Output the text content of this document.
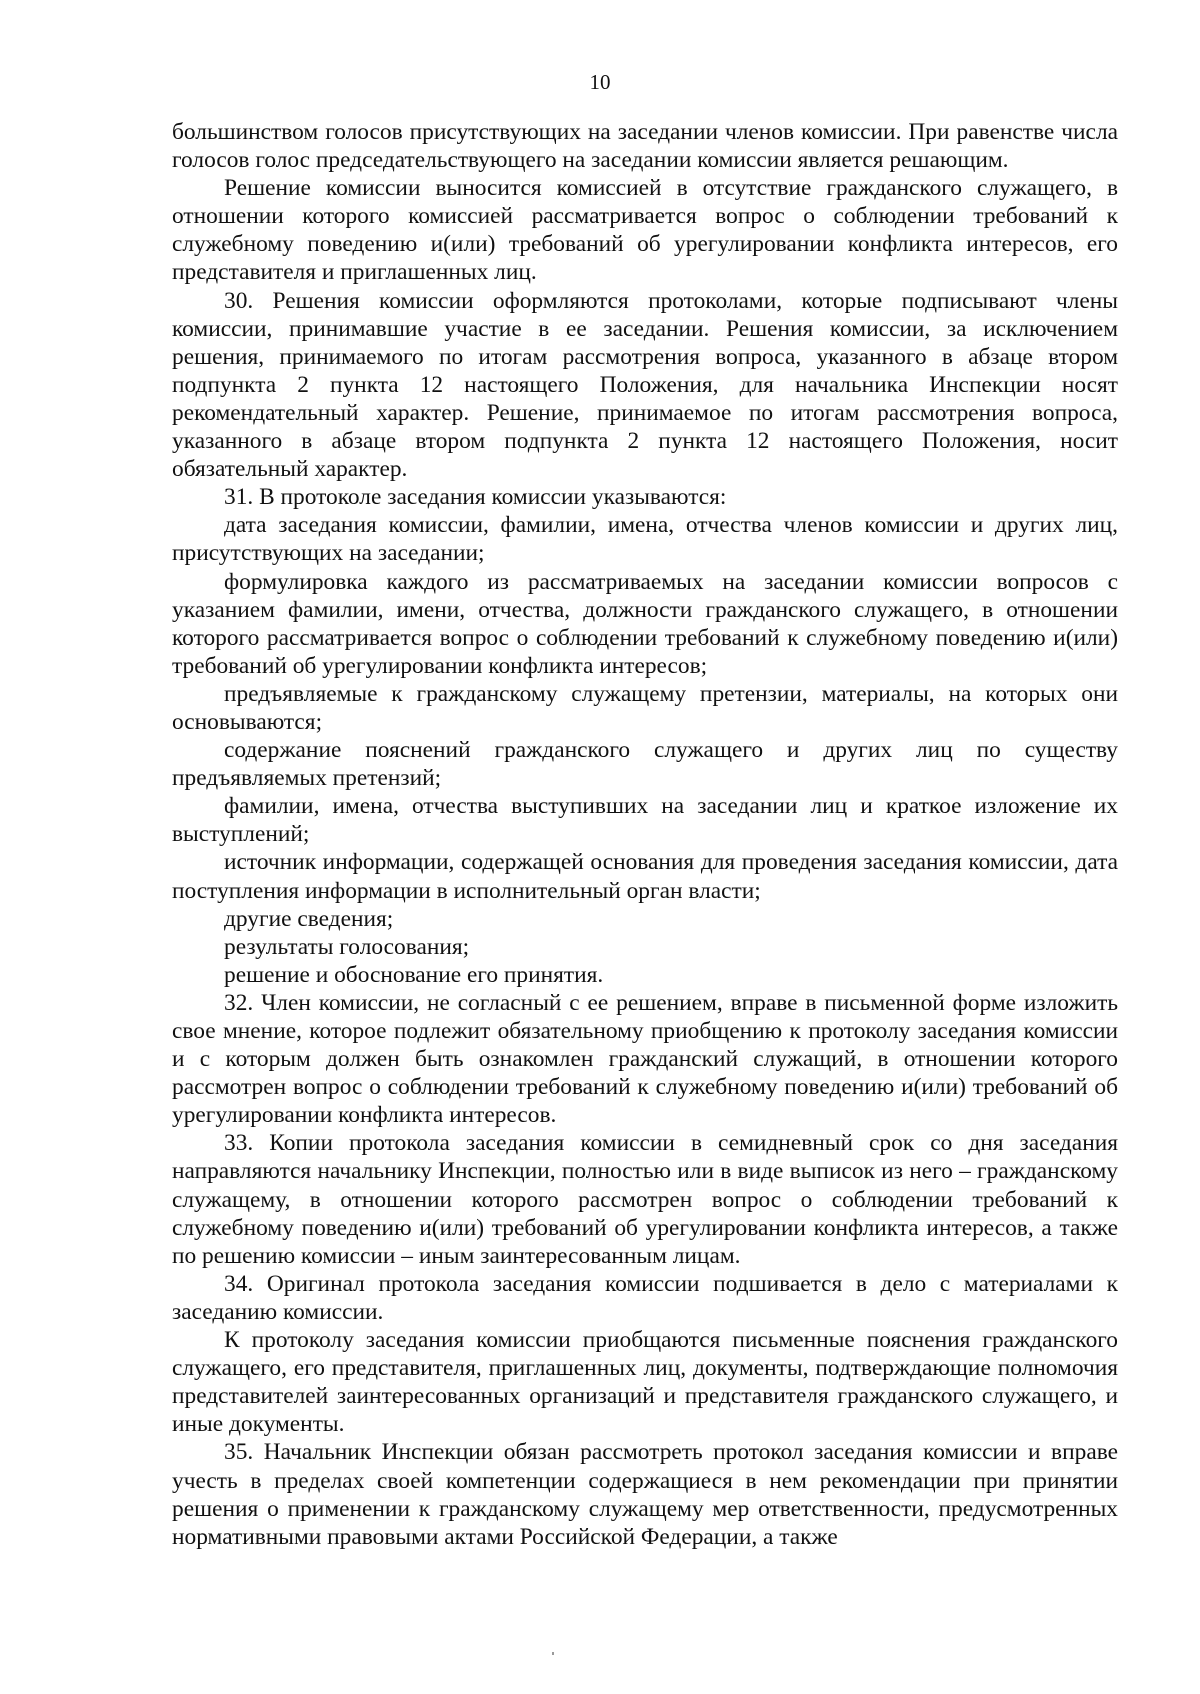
10

большинством голосов присутствующих на заседании членов комиссии. При равенстве числа голосов голос председательствующего на заседании комиссии является решающим.

Решение комиссии выносится комиссией в отсутствие гражданского служащего, в отношении которого комиссией рассматривается вопрос о соблюдении требований к служебному поведению и(или) требований об урегулировании конфликта интересов, его представителя и приглашенных лиц.

30. Решения комиссии оформляются протоколами, которые подписывают члены комиссии, принимавшие участие в ее заседании. Решения комиссии, за исключением решения, принимаемого по итогам рассмотрения вопроса, указанного в абзаце втором подпункта 2 пункта 12 настоящего Положения, для начальника Инспекции носят рекомендательный характер. Решение, принимаемое по итогам рассмотрения вопроса, указанного в абзаце втором подпункта 2 пункта 12 настоящего Положения, носит обязательный характер.

31. В протоколе заседания комиссии указываются:

дата заседания комиссии, фамилии, имена, отчества членов комиссии и других лиц, присутствующих на заседании;

формулировка каждого из рассматриваемых на заседании комиссии вопросов с указанием фамилии, имени, отчества, должности гражданского служащего, в отношении которого рассматривается вопрос о соблюдении требований к служебному поведению и(или) требований об урегулировании конфликта интересов;

предъявляемые к гражданскому служащему претензии, материалы, на которых они основываются;

содержание пояснений гражданского служащего и других лиц по существу предъявляемых претензий;

фамилии, имена, отчества выступивших на заседании лиц и краткое изложение их выступлений;

источник информации, содержащей основания для проведения заседания комиссии, дата поступления информации в исполнительный орган власти;

другие сведения;

результаты голосования;

решение и обоснование его принятия.

32. Член комиссии, не согласный с ее решением, вправе в письменной форме изложить свое мнение, которое подлежит обязательному приобщению к протоколу заседания комиссии и с которым должен быть ознакомлен гражданский служащий, в отношении которого рассмотрен вопрос о соблюдении требований к служебному поведению и(или) требований об урегулировании конфликта интересов.

33. Копии протокола заседания комиссии в семидневный срок со дня заседания направляются начальнику Инспекции, полностью или в виде выписок из него – гражданскому служащему, в отношении которого рассмотрен вопрос о соблюдении требований к служебному поведению и(или) требований об урегулировании конфликта интересов, а также по решению комиссии – иным заинтересованным лицам.

34. Оригинал протокола заседания комиссии подшивается в дело с материалами к заседанию комиссии.

К протоколу заседания комиссии приобщаются письменные пояснения гражданского служащего, его представителя, приглашенных лиц, документы, подтверждающие полномочия представителей заинтересованных организаций и представителя гражданского служащего, и иные документы.

35. Начальник Инспекции обязан рассмотреть протокол заседания комиссии и вправе учесть в пределах своей компетенции содержащиеся в нем рекомендации при принятии решения о применении к гражданскому служащему мер ответственности, предусмотренных нормативными правовыми актами Российской Федерации, а также
